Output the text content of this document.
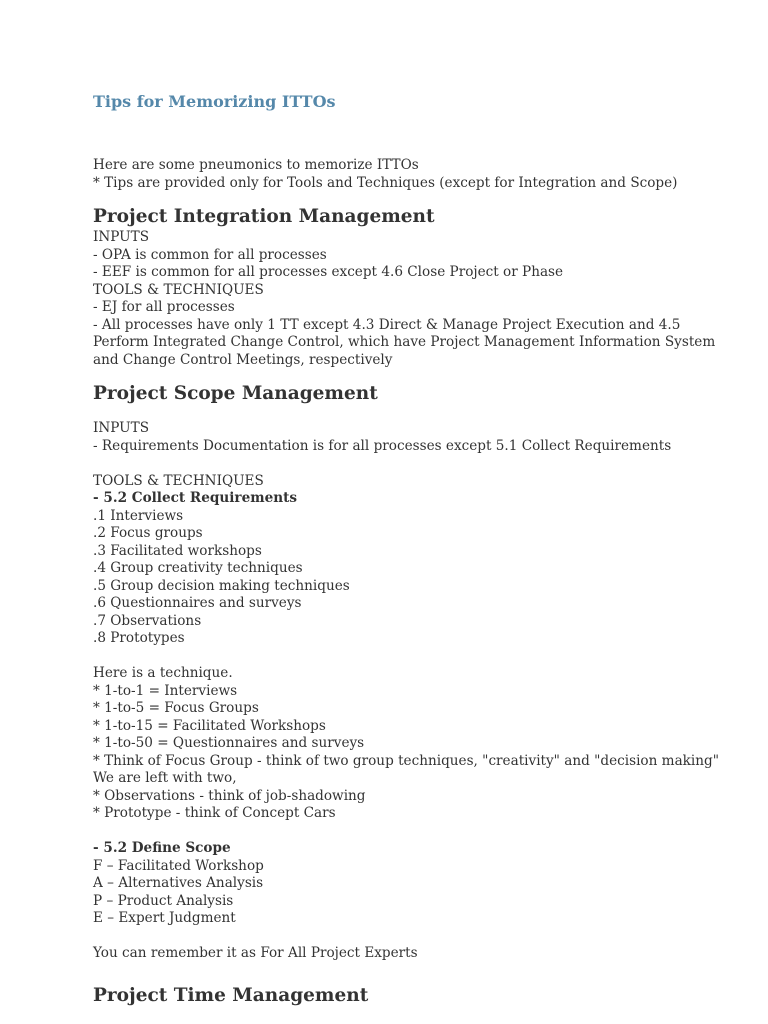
Tips for Memorizing ITTOs

Here are some pneumonics to memorize ITTOs

* Tips are provided only for Tools and Techniques (except for Integration and Scope)

Project Integration Management

INPUTS

- OPA is common for all processes

- EEF is common for all processes except 4.6 Close Project or Phase

TOOLS & TECHNIQUES

- EJ for all processes

- All processes have only 1 TT except 4.3 Direct & Manage Project Execution and 4.5 Perform Integrated Change Control, which have Project Management Information System and Change Control Meetings, respectively

Project Scope Management

INPUTS

- Requirements Documentation is for all processes except 5.1 Collect Requirements

TOOLS & TECHNIQUES

- 5.2 Collect Requirements

.1 Interviews

.2 Focus groups

.3 Facilitated workshops

.4 Group creativity techniques

.5 Group decision making techniques

.6 Questionnaires and surveys

.7 Observations

.8 Prototypes

Here is a technique.

* 1-to-1 = Interviews

* 1-to-5 = Focus Groups

* 1-to-15 = Facilitated Workshops

* 1-to-50 = Questionnaires and surveys

* Think of Focus Group - think of two group techniques, "creativity" and "decision making"

We are left with two,

* Observations - think of job-shadowing

* Prototype - think of Concept Cars

- 5.2 Define Scope

F – Facilitated Workshop

A – Alternatives Analysis

P – Product Analysis

E – Expert Judgment

You can remember it as For All Project Experts

Project Time Management
